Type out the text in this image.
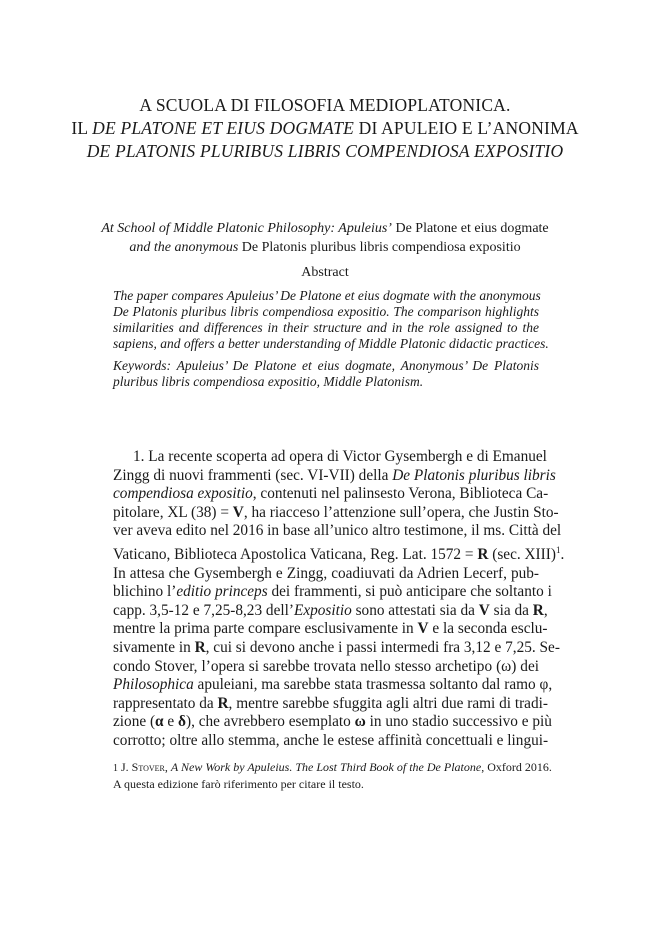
A SCUOLA DI FILOSOFIA MEDIOPLATONICA.
IL DE PLATONE ET EIUS DOGMATE DI APULEIO E L’ANONIMA
DE PLATONIS PLURIBUS LIBRIS COMPENDIOSA EXPOSITIO
At School of Middle Platonic Philosophy: Apuleius’ De Platone et eius dogmate
and the anonymous De Platonis pluribus libris compendiosa expositio
Abstract
The paper compares Apuleius’ De Platone et eius dogmate with the anonymous
De Platonis pluribus libris compendiosa expositio. The comparison highlights
similarities and differences in their structure and in the role assigned to the
sapiens, and offers a better understanding of Middle Platonic didactic practices.
Keywords: Apuleius’ De Platone et eius dogmate, Anonymous’ De Platonis
pluribus libris compendiosa expositio, Middle Platonism.
1. La recente scoperta ad opera di Victor Gysembergh e di Emanuel
Zingg di nuovi frammenti (sec. VI-VII) della De Platonis pluribus libris
compendiosa expositio, contenuti nel palinsesto Verona, Biblioteca Ca-
pitolare, XL (38) = V, ha riacceso l’attenzione sull’opera, che Justin Sto-
ver aveva edito nel 2016 in base all’unico altro testimone, il ms. Città del
Vaticano, Biblioteca Apostolica Vaticana, Reg. Lat. 1572 = R (sec. XIII)$^1$.
In attesa che Gysembergh e Zingg, coadiuvati da Adrien Lecerf, pub-
blichino l’editio princeps dei frammenti, si può anticipare che soltanto i
capp. 3,5-12 e 7,25-8,23 dell’Expositio sono attestati sia da V sia da R,
mentre la prima parte compare esclusivamente in V e la seconda esclu-
sivamente in R, cui si devono anche i passi intermedi fra 3,12 e 7,25. Se-
condo Stover, l’opera si sarebbe trovata nello stesso archetipo (ω) dei
Philosophica apuleiani, ma sarebbe stata trasmessa soltanto dal ramo φ,
rappresentato da R, mentre sarebbe sfuggita agli altri due rami di tradi-
zione (α e δ), che avrebbero esemplato ω in uno stadio successivo e più
corrotto; oltre allo stemma, anche le estese affinità concettuali e lingui-
1 J. Stover, A New Work by Apuleius. The Lost Third Book of the De Platone, Oxford 2016.
A questa edizione farò riferimento per citare il testo.
